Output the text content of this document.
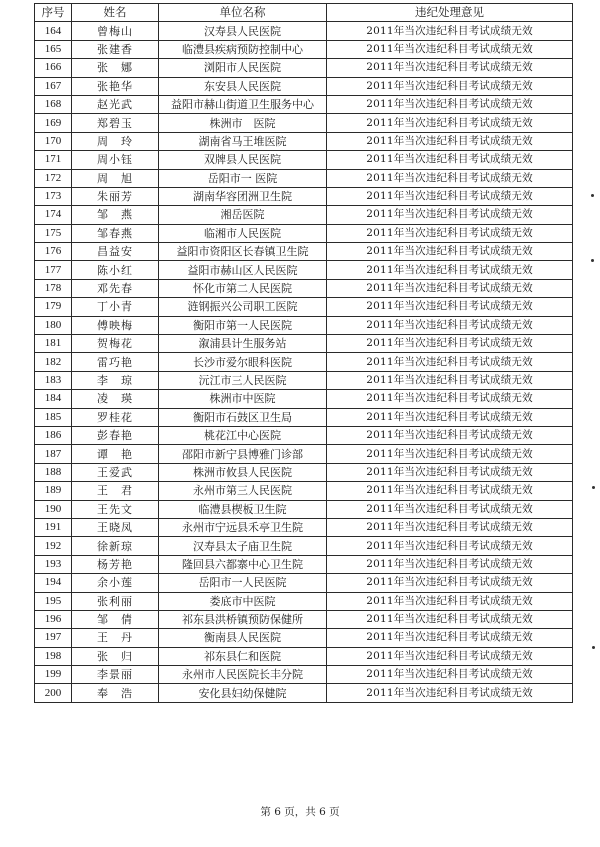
序号	姓名	单位名称	违纪处理意见
164	曾梅山	汉寿县人民医院	2011年当次违纪科目考试成绩无效
165	张建香	临澧县疾病预防控制中心	2011年当次违纪科目考试成绩无效
166	张　娜	浏阳市人民医院	2011年当次违纪科目考试成绩无效
167	张艳华	东安县人民医院	2011年当次违纪科目考试成绩无效
168	赵光武	益阳市赫山街道卫生服务中心	2011年当次违纪科目考试成绩无效
169	郑碧玉	株洲市　医院	2011年当次违纪科目考试成绩无效
170	周　玲	湖南省马王堆医院	2011年当次违纪科目考试成绩无效
171	周小钰	双牌县人民医院	2011年当次违纪科目考试成绩无效
172	周　旭	岳阳市一 医院	2011年当次违纪科目考试成绩无效
173	朱丽芳	湖南华容团洲卫生院	2011年当次违纪科目考试成绩无效
174	邹　燕	湘岳医院	2011年当次违纪科目考试成绩无效
175	邹春燕	临湘市人民医院	2011年当次违纪科目考试成绩无效
176	昌益安	益阳市资阳区长春镇卫生院	2011年当次违纪科目考试成绩无效
177	陈小红	益阳市赫山区人民医院	2011年当次违纪科目考试成绩无效
178	邓先春	怀化市第二人民医院	2011年当次违纪科目考试成绩无效
179	丁小青	涟钢振兴公司职工医院	2011年当次违纪科目考试成绩无效
180	傅映梅	衡阳市第一人民医院	2011年当次违纪科目考试成绩无效
181	贺梅花	溆浦县计生服务站	2011年当次违纪科目考试成绩无效
182	雷巧艳	长沙市爱尔眼科医院	2011年当次违纪科目考试成绩无效
183	李　琼	沅江市三人民医院	2011年当次违纪科目考试成绩无效
184	凌　瑛	株洲市中医院	2011年当次违纪科目考试成绩无效
185	罗桂花	衡阳市石鼓区卫生局	2011年当次违纪科目考试成绩无效
186	彭春艳	桃花江中心医院	2011年当次违纪科目考试成绩无效
187	谭　艳	邵阳市新宁县博雅门诊部	2011年当次违纪科目考试成绩无效
188	王爱武	株洲市攸县人民医院	2011年当次违纪科目考试成绩无效
189	王　君	永州市第三人民医院	2011年当次违纪科目考试成绩无效
190	王先文	临澧县楔板卫生院	2011年当次违纪科目考试成绩无效
191	王晓凤	永州市宁远县禾亭卫生院	2011年当次违纪科目考试成绩无效
192	徐新琼	汉寿县太子庙卫生院	2011年当次违纪科目考试成绩无效
193	杨芳艳	隆回县六都寨中心卫生院	2011年当次违纪科目考试成绩无效
194	余小莲	岳阳市一人民医院	2011年当次违纪科目考试成绩无效
195	张利丽	娄底市中医院	2011年当次违纪科目考试成绩无效
196	邹　倩	祁东县洪桥镇预防保健所	2011年当次违纪科目考试成绩无效
197	王　丹	衡南县人民医院	2011年当次违纪科目考试成绩无效
198	张　归	祁东县仁和医院	2011年当次违纪科目考试成绩无效
199	李景丽	永州市人民医院长丰分院	2011年当次违纪科目考试成绩无效
200	奉　浩	安化县妇幼保健院	2011年当次违纪科目考试成绩无效
第 6 页，共 6 页
